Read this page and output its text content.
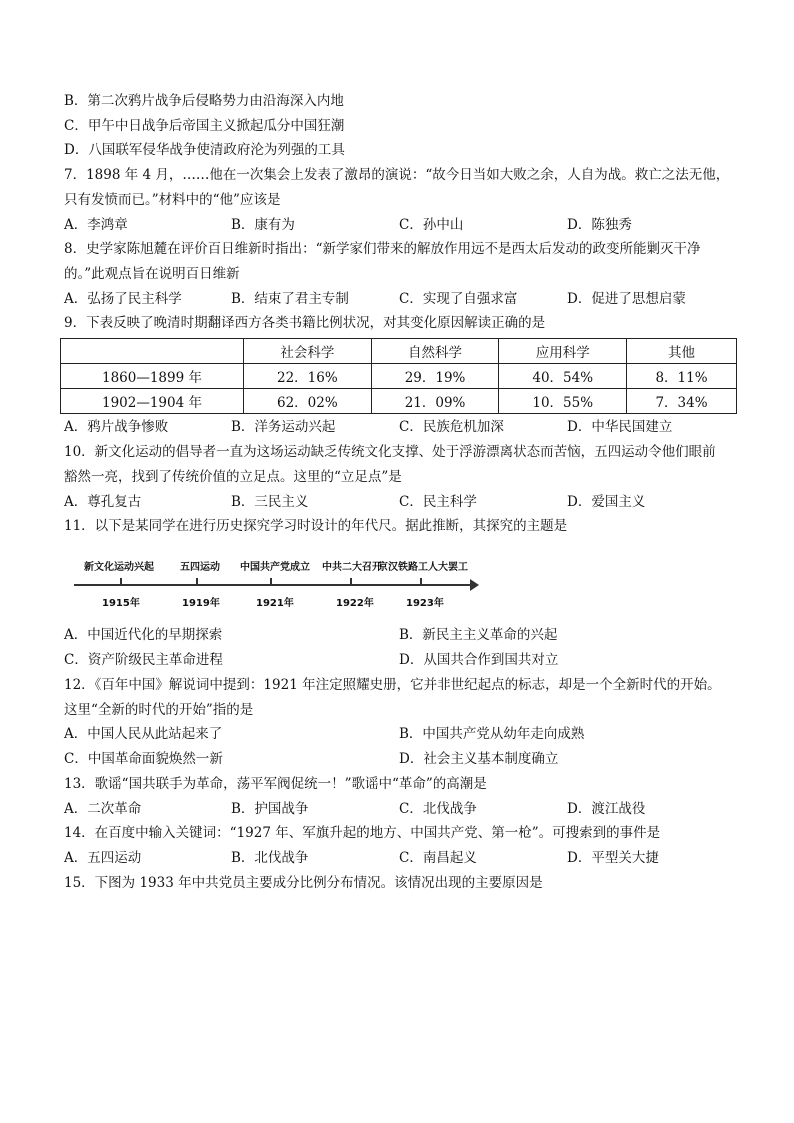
B．第二次鸦片战争后侵略势力由沿海深入内地
C．甲午中日战争后帝国主义掀起瓜分中国狂潮
D．八国联军侵华战争使清政府沦为列强的工具
7．1898 年 4 月，……他在一次集会上发表了激昂的演说：“故今日当如大败之余，人自为战。救亡之法无他，
只有发愤而已。”材料中的“他”应该是
A．李鸿章	B．康有为	C．孙中山	D．陈独秀
8．史学家陈旭麓在评价百日维新时指出：“新学家们带来的解放作用远不是西太后发动的政变所能剿灭干净
的。”此观点旨在说明百日维新
A．弘扬了民主科学	B．结束了君主专制	C．实现了自强求富	D．促进了思想启蒙
9．下表反映了晚清时期翻译西方各类书籍比例状况，对其变化原因解读正确的是
	社会科学	自然科学	应用科学	其他
1860—1899 年	22．16%	29．19%	40．54%	8．11%
1902—1904 年	62．02%	21．09%	10．55%	7．34%
A．鸦片战争惨败	B．洋务运动兴起	C．民族危机加深	D．中华民国建立
10．新文化运动的倡导者一直为这场运动缺乏传统文化支撑、处于浮游漂离状态而苦恼，五四运动令他们眼前
豁然一亮，找到了传统价值的立足点。这里的“立足点”是
A．尊孔复古	B．三民主义	C．民主科学	D．爱国主义
11．以下是某同学在进行历史探究学习时设计的年代尺。据此推断，其探究的主题是
新文化运动兴起	五四运动 中国共产党成立 中共二大召开
京汉铁路工人大罢工
1915年	1919年	1921年	1922年	1923年
A．中国近代化的早期探索	B．新民主主义革命的兴起
C．资产阶级民主革命进程	D．从国共合作到国共对立
12．《百年中国》解说词中提到：1921 年注定照耀史册，它并非世纪起点的标志，却是一个全新时代的开始。
这里“全新的时代的开始”指的是
A．中国人民从此站起来了	B．中国共产党从幼年走向成熟
C．中国革命面貌焕然一新	D．社会主义基本制度确立
13．歌谣“国共联手为革命，荡平军阀促统一！”歌谣中“革命”的高潮是
A．二次革命	B．护国战争	C．北伐战争	D．渡江战役
14．在百度中输入关键词：“1927 年、军旗升起的地方、中国共产党、第一枪”。可搜索到的事件是
A．五四运动	B．北伐战争	C．南昌起义	D．平型关大捷
15．下图为 1933 年中共党员主要成分比例分布情况。该情况出现的主要原因是
